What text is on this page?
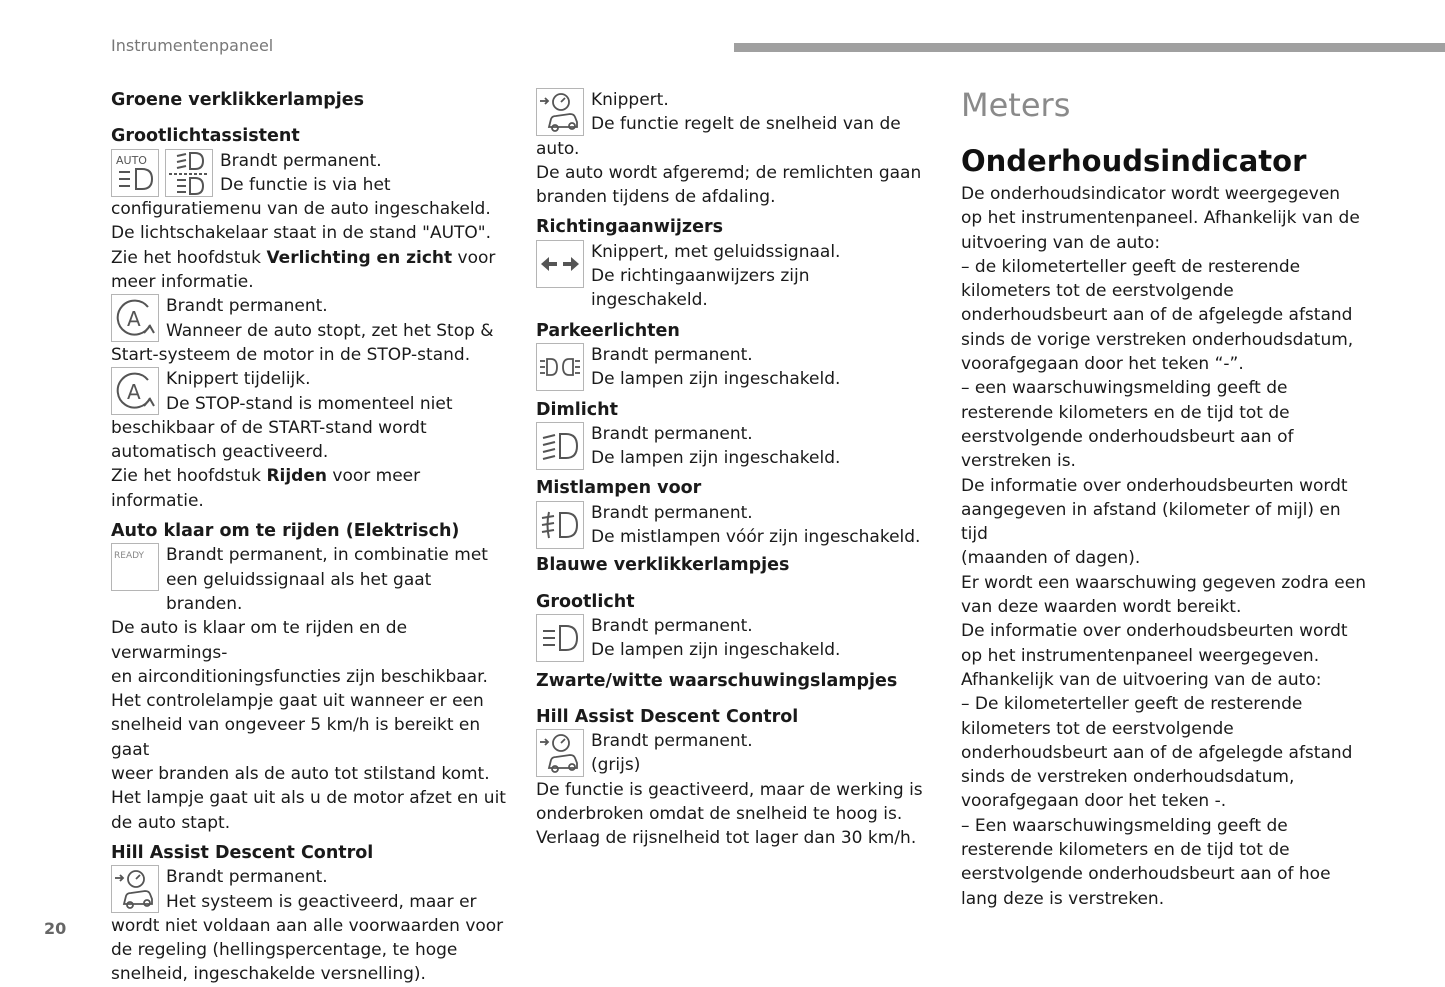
Instrumentenpaneel
20

Groene verklikkerlampjes

Grootlichtassistent

AUTO	Brandt permanent.
De functie is via het

configuratiemenu van de auto ingeschakeld.

De lichtschakelaar staat in de stand "AUTO".

Zie het hoofdstuk Verlichting en zicht voor

meer informatie.

A
Brandt permanent.
Wanneer de auto stopt, zet het Stop &

Start-systeem de motor in de STOP-stand.

A
Knippert tijdelijk.
De STOP-stand is momenteel niet

beschikbaar of de START-stand wordt

automatisch geactiveerd.

Zie het hoofdstuk Rijden voor meer informatie.

Auto klaar om te rijden (Elektrisch)

READY Brandt permanent, in combinatie met
een geluidssignaal als het gaat branden.

De auto is klaar om te rijden en de verwarmings-

en airconditioningsfuncties zijn beschikbaar.

Het controlelampje gaat uit wanneer er een

snelheid van ongeveer 5 km/h is bereikt en gaat

weer branden als de auto tot stilstand komt.

Het lampje gaat uit als u de motor afzet en uit

de auto stapt.

Hill Assist Descent Control

Brandt permanent.
Het systeem is geactiveerd, maar er

wordt niet voldaan aan alle voorwaarden voor

de regeling (hellingspercentage, te hoge

snelheid, ingeschakelde versnelling).

Knippert.
De functie regelt de snelheid van de

auto.

De auto wordt afgeremd; de remlichten gaan

branden tijdens de afdaling.

Richtingaanwijzers

Knippert, met geluidssignaal.
De richtingaanwijzers zijn ingeschakeld.

Parkeerlichten

Brandt permanent.
De lampen zijn ingeschakeld.

Dimlicht

Brandt permanent.
De lampen zijn ingeschakeld.

Mistlampen voor

Brandt permanent.
De mistlampen vóór zijn ingeschakeld.

Blauwe verklikkerlampjes

Grootlicht

Brandt permanent.
De lampen zijn ingeschakeld.

Zwarte/witte waarschuwingslampjes

Hill Assist Descent Control

Brandt permanent.
(grijs)

De functie is geactiveerd, maar de werking is

onderbroken omdat de snelheid te hoog is.

Verlaag de rijsnelheid tot lager dan 30 km/h.

Meters

Onderhoudsindicator

De onderhoudsindicator wordt weergegeven
op het instrumentenpaneel. Afhankelijk van de
uitvoering van de auto:
– de kilometerteller geeft de resterende
kilometers tot de eerstvolgende
onderhoudsbeurt aan of de afgelegde afstand
sinds de vorige verstreken onderhoudsdatum,
voorafgegaan door het teken “-”.
– een waarschuwingsmelding geeft de
resterende kilometers en de tijd tot de
eerstvolgende onderhoudsbeurt aan of
verstreken is.
De informatie over onderhoudsbeurten wordt
aangegeven in afstand (kilometer of mijl) en tijd
(maanden of dagen).
Er wordt een waarschuwing gegeven zodra een
van deze waarden wordt bereikt.
De informatie over onderhoudsbeurten wordt
op het instrumentenpaneel weergegeven.
Afhankelijk van de uitvoering van de auto:
– De kilometerteller geeft de resterende
kilometers tot de eerstvolgende
onderhoudsbeurt aan of de afgelegde afstand
sinds de verstreken onderhoudsdatum,
voorafgegaan door het teken -.
– Een waarschuwingsmelding geeft de
resterende kilometers en de tijd tot de
eerstvolgende onderhoudsbeurt aan of hoe
lang deze is verstreken.
